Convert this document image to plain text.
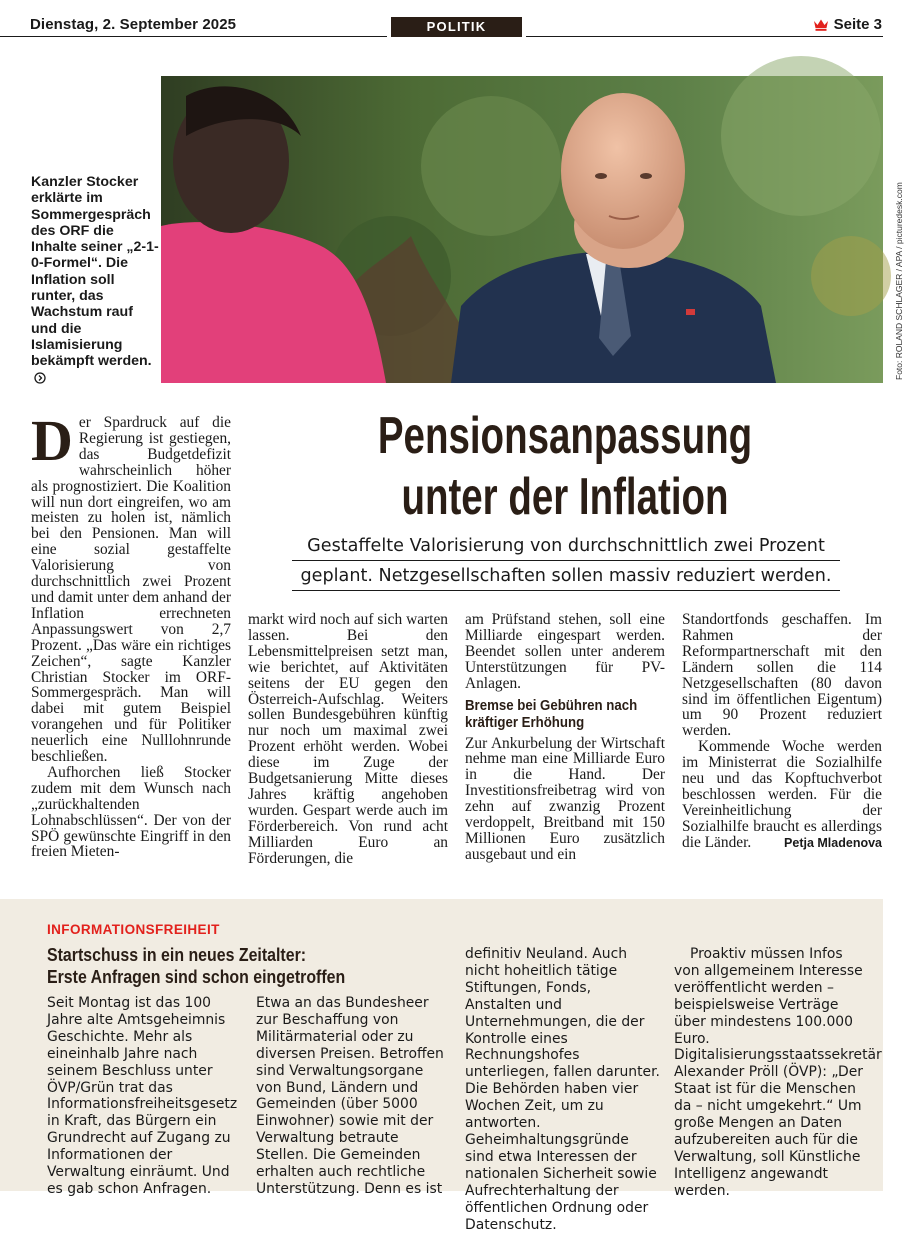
Dienstag, 2. September 2025	POLITIK	Seite 3
Foto: ROLAND SCHLAGER / APA / picturedesk.com
Kanzler Stocker erklärte im Sommergespräch des ORF die Inhalte seiner „2-1-0-Formel“. Die Inflation soll runter, das Wachstum rauf und die Islamisierung bekämpft werden.
Pensionsanpassung
unter der Inflation
Gestaffelte Valorisierung von durchschnittlich zwei Prozent
geplant. Netzgesellschaften sollen massiv reduziert werden.

Der Spardruck auf die Regierung ist gestiegen, das Budgetdefizit wahrscheinlich höher als prognostiziert. Die Koalition will nun dort eingreifen, wo am meisten zu holen ist, nämlich bei den Pensionen. Man will eine sozial gestaffelte Valorisierung von durchschnittlich zwei Prozent und damit unter dem anhand der Inflation errechneten Anpassungswert von 2,7 Prozent. „Das wäre ein richtiges Zeichen“, sagte Kanzler Christian Stocker im ORF-Sommergespräch. Man will dabei mit gutem Beispiel vorangehen und für Politiker neuerlich eine Nulllohnrunde beschließen.

Aufhorchen ließ Stocker zudem mit dem Wunsch nach „zurückhaltenden Lohnabschlüssen“. Der von der SPÖ gewünschte Eingriff in den freien Mieten-

markt wird noch auf sich warten lassen. Bei den Lebensmittelpreisen setzt man, wie berichtet, auf Aktivitäten seitens der EU gegen den Österreich-Aufschlag. Weiters sollen Bundesgebühren künftig nur noch um maximal zwei Prozent erhöht werden. Wobei diese im Zuge der Budgetsanierung Mitte dieses Jahres kräftig angehoben wurden. Gespart werde auch im Förderbereich. Von rund acht Milliarden Euro an Förderungen, die

am Prüfstand stehen, soll eine Milliarde eingespart werden. Beendet sollen unter anderem Unterstützungen für PV-Anlagen.

Bremse bei Gebühren nach kräftiger Erhöhung

Zur Ankurbelung der Wirtschaft nehme man eine Milliarde Euro in die Hand. Der Investitionsfreibetrag wird von zehn auf zwanzig Prozent verdoppelt, Breitband mit 150 Millionen Euro zusätzlich ausgebaut und ein

Standortfonds geschaffen. Im Rahmen der Reformpartnerschaft mit den Ländern sollen die 114 Netzgesellschaften (80 davon sind im öffentlichen Eigentum) um 90 Prozent reduziert werden.

Kommende Woche werden im Ministerrat die Sozialhilfe neu und das Kopftuchverbot beschlossen werden. Für die Vereinheitlichung der Sozialhilfe braucht es allerdings die Länder.	Petja Mladenova

INFORMATIONSFREIHEIT
Startschuss in ein neues Zeitalter:
Erste Anfragen sind schon eingetroffen

Seit Montag ist das 100 Jahre alte Amtsgeheimnis Geschichte. Mehr als eineinhalb Jahre nach seinem Beschluss unter ÖVP/Grün trat das Informationsfreiheitsgesetz in Kraft, das Bürgern ein Grundrecht auf Zugang zu Informationen der Verwaltung einräumt. Und es gab schon Anfragen.

Etwa an das Bundesheer zur Beschaffung von Militärmaterial oder zu diversen Preisen. Betroffen sind Verwaltungsorgane von Bund, Ländern und Gemeinden (über 5000 Einwohner) sowie mit der Verwaltung betraute Stellen. Die Gemeinden erhalten auch rechtliche Unterstützung. Denn es ist

definitiv Neuland. Auch nicht hoheitlich tätige Stiftungen, Fonds, Anstalten und Unternehmungen, die der Kontrolle eines Rechnungshofes unterliegen, fallen darunter. Die Behörden haben vier Wochen Zeit, um zu antworten. Geheimhaltungsgründe sind etwa Interessen der nationalen Sicherheit sowie Aufrechterhaltung der öffentlichen Ordnung oder Datenschutz.

Proaktiv müssen Infos von allgemeinem Interesse veröffentlicht werden – beispielsweise Verträge über mindestens 100.000 Euro. Digitalisierungsstaatssekretär Alexander Pröll (ÖVP): „Der Staat ist für die Menschen da – nicht umgekehrt.“ Um große Mengen an Daten aufzubereiten auch für die Verwaltung, soll Künstliche Intelligenz angewandt werden.
